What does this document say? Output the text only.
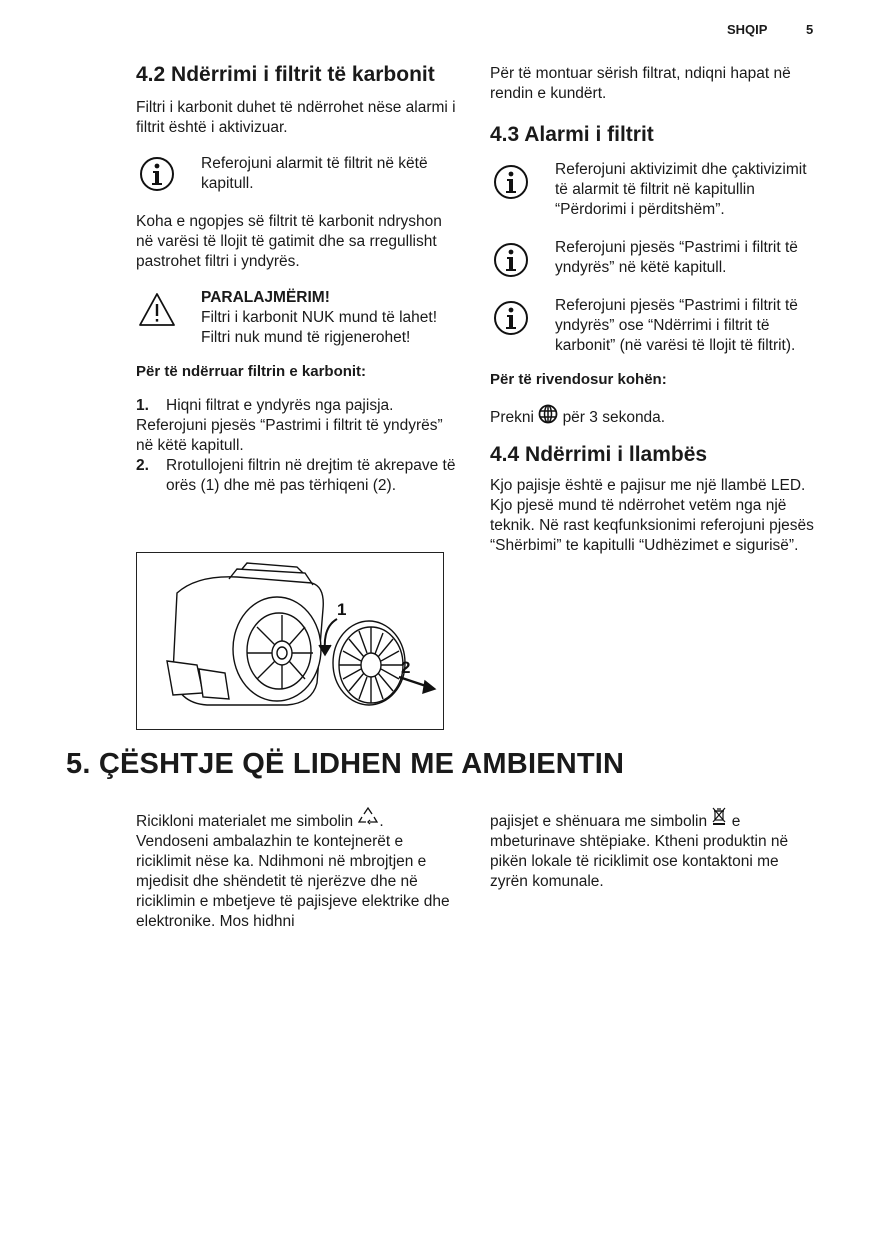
SHQIP	5
4.2 Ndërrimi i filtrit të karbonit

Filtri i karbonit duhet të ndërrohet nëse alarmi i filtrit është i aktivizuar.

Referojuni alarmit të filtrit në këtë kapitull.

Koha e ngopjes së filtrit të karbonit ndryshon në varësi të llojit të gatimit dhe sa rregullisht pastrohet filtri i yndyrës.

PARALAJMËRIM!
Filtri i karbonit NUK mund të lahet! Filtri nuk mund të rigjenerohet!

Për të ndërruar filtrin e karbonit:

1. Hiqni filtrat e yndyrës nga pajisja. Referojuni pjesës “Pastrimi i filtrit të yndyrës” në këtë kapitull.
2.	Rrotullojeni filtrin në drejtim të akrepave të orës (1) dhe më pas tërhiqeni (2).
1
2

Për të montuar sërish filtrat, ndiqni hapat në rendin e kundërt.

4.3 Alarmi i filtrit
Referojuni aktivizimit dhe çaktivizimit të alarmit të filtrit në kapitullin “Përdorimi i përditshëm”.
Referojuni pjesës “Pastrimi i filtrit të yndyrës” në këtë kapitull.
Referojuni pjesës “Pastrimi i filtrit të yndyrës” ose “Ndërrimi i filtrit të karbonit” (në varësi të llojit të filtrit).

Për të rivendosur kohën:

Prekni për 3 sekonda.

4.4 Ndërrimi i llambës

Kjo pajisje është e pajisur me një llambë LED. Kjo pjesë mund të ndërrohet vetëm nga një teknik. Në rast keqfunksionimi referojuni pjesës “Shërbimi” te kapitulli “Udhëzimet e sigurisë”.

5. ÇËSHTJE QË LIDHEN ME AMBIENTIN

Ricikloni materialet me simbolin . Vendoseni ambalazhin te kontejnerët e riciklimit nëse ka. Ndihmoni në mbrojtjen e mjedisit dhe shëndetit të njerëzve dhe në riciklimin e mbetjeve të pajisjeve elektrike dhe elektronike. Mos hidhni

pajisjet e shënuara me simbolin e mbeturinave shtëpiake. Ktheni produktin në pikën lokale të riciklimit ose kontaktoni me zyrën komunale.
